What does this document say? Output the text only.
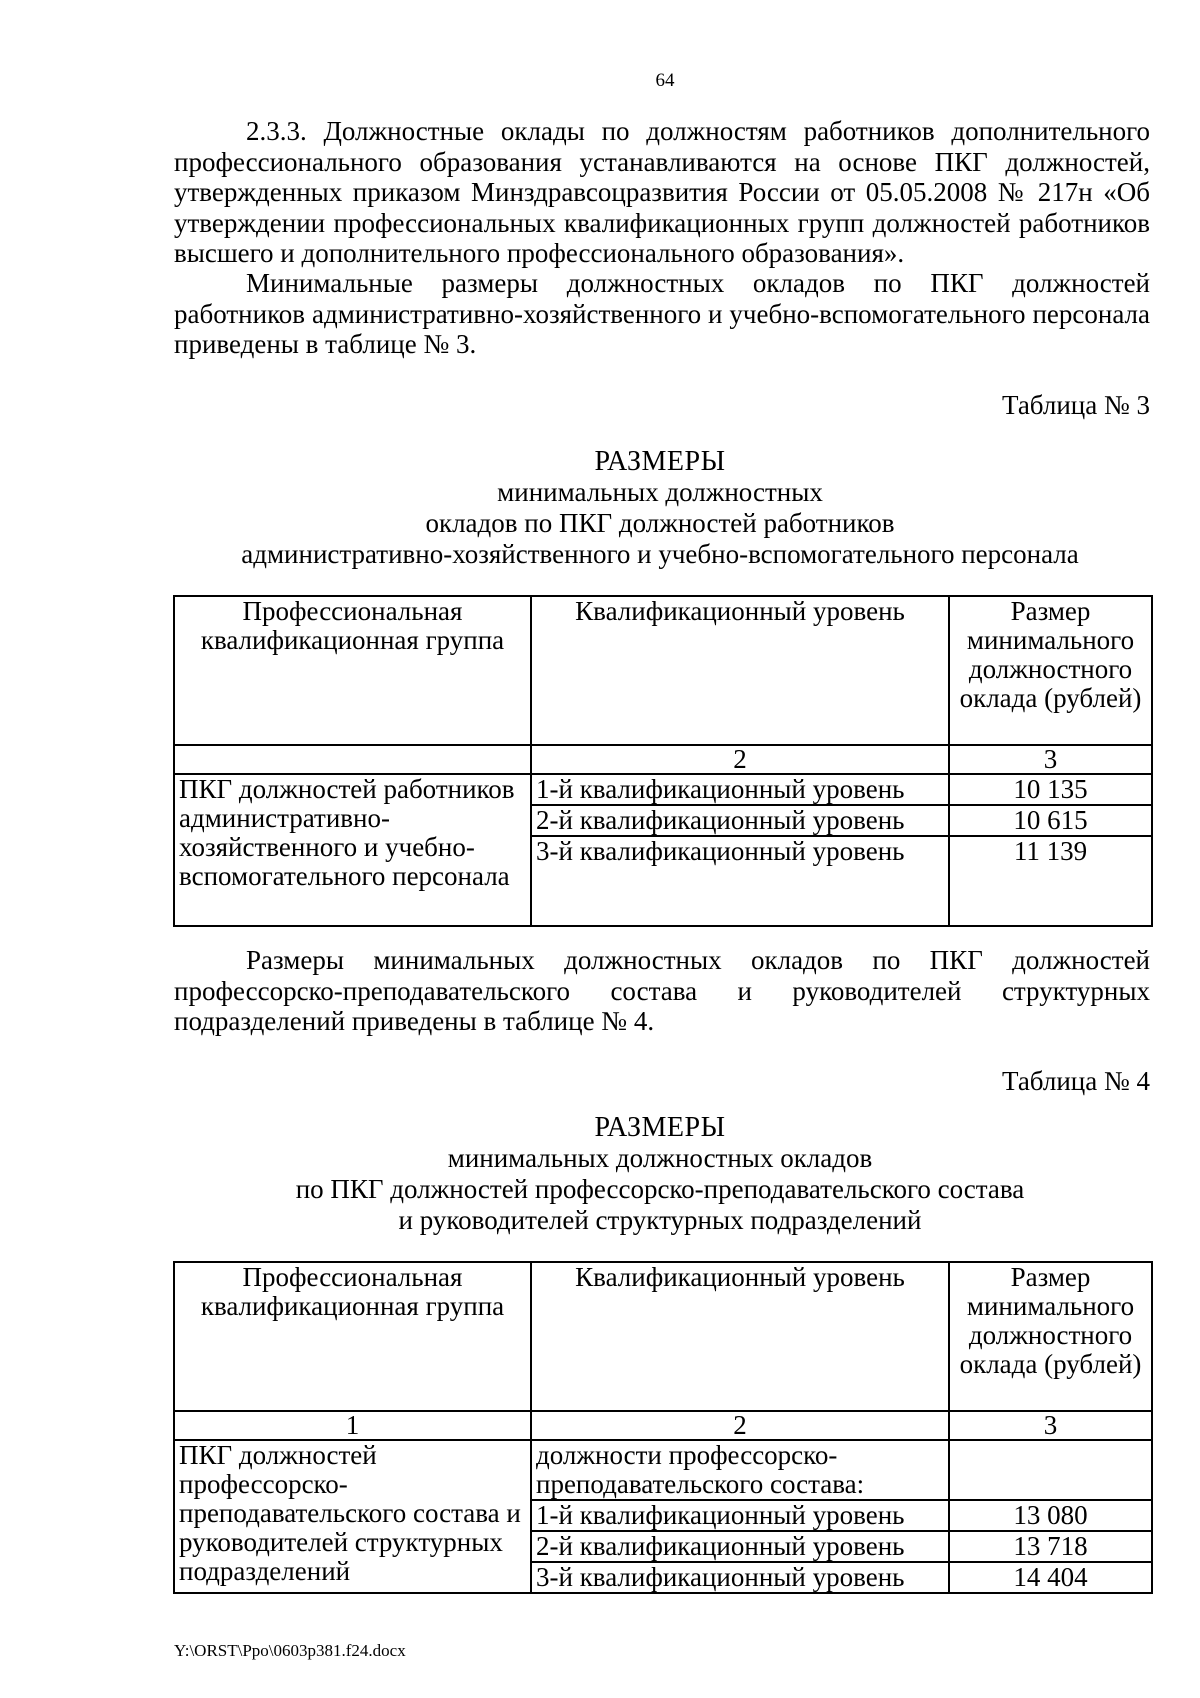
64
2.3.3. Должностные оклады по должностям работников дополнительного профессионального образования устанавливаются на основе ПКГ должностей, утвержденных приказом Минздравсоцразвития России от 05.05.2008 № 217н «Об утверждении профессиональных квалификационных групп должностей работников высшего и дополнительного профессионального образования».
Минимальные размеры должностных окладов по ПКГ должностей работников административно-хозяйственного и учебно-вспомогательного персонала приведены в таблице № 3.
Таблица № 3
РАЗМЕРЫ
минимальных должностных
окладов по ПКГ должностей работников
административно-хозяйственного и учебно-вспомогательного персонала
Профессиональная квалификационная группа	Квалификационный уровень	Размер минимального должностного оклада (рублей)
	2	3
ПКГ должностей работников административно-хозяйственного и учебно-вспомогательного персонала	1-й квалификационный уровень	10 135
	2-й квалификационный уровень	10 615
	3-й квалификационный уровень	11 139
Размеры минимальных должностных окладов по ПКГ должностей профессорско-преподавательского состава и руководителей структурных подразделений приведены в таблице № 4.
Таблица № 4
РАЗМЕРЫ
минимальных должностных окладов
по ПКГ должностей профессорско-преподавательского состава
и руководителей структурных подразделений
Профессиональная квалификационная группа	Квалификационный уровень	Размер минимального должностного оклада (рублей)
1	2	3
ПКГ должностей профессорско-преподавательского состава и руководителей структурных подразделений	должности профессорско-преподавательского состава:	
	1-й квалификационный уровень	13 080
	2-й квалификационный уровень	13 718
	3-й квалификационный уровень	14 404
Y:\ORST\Ppo\0603p381.f24.docx
